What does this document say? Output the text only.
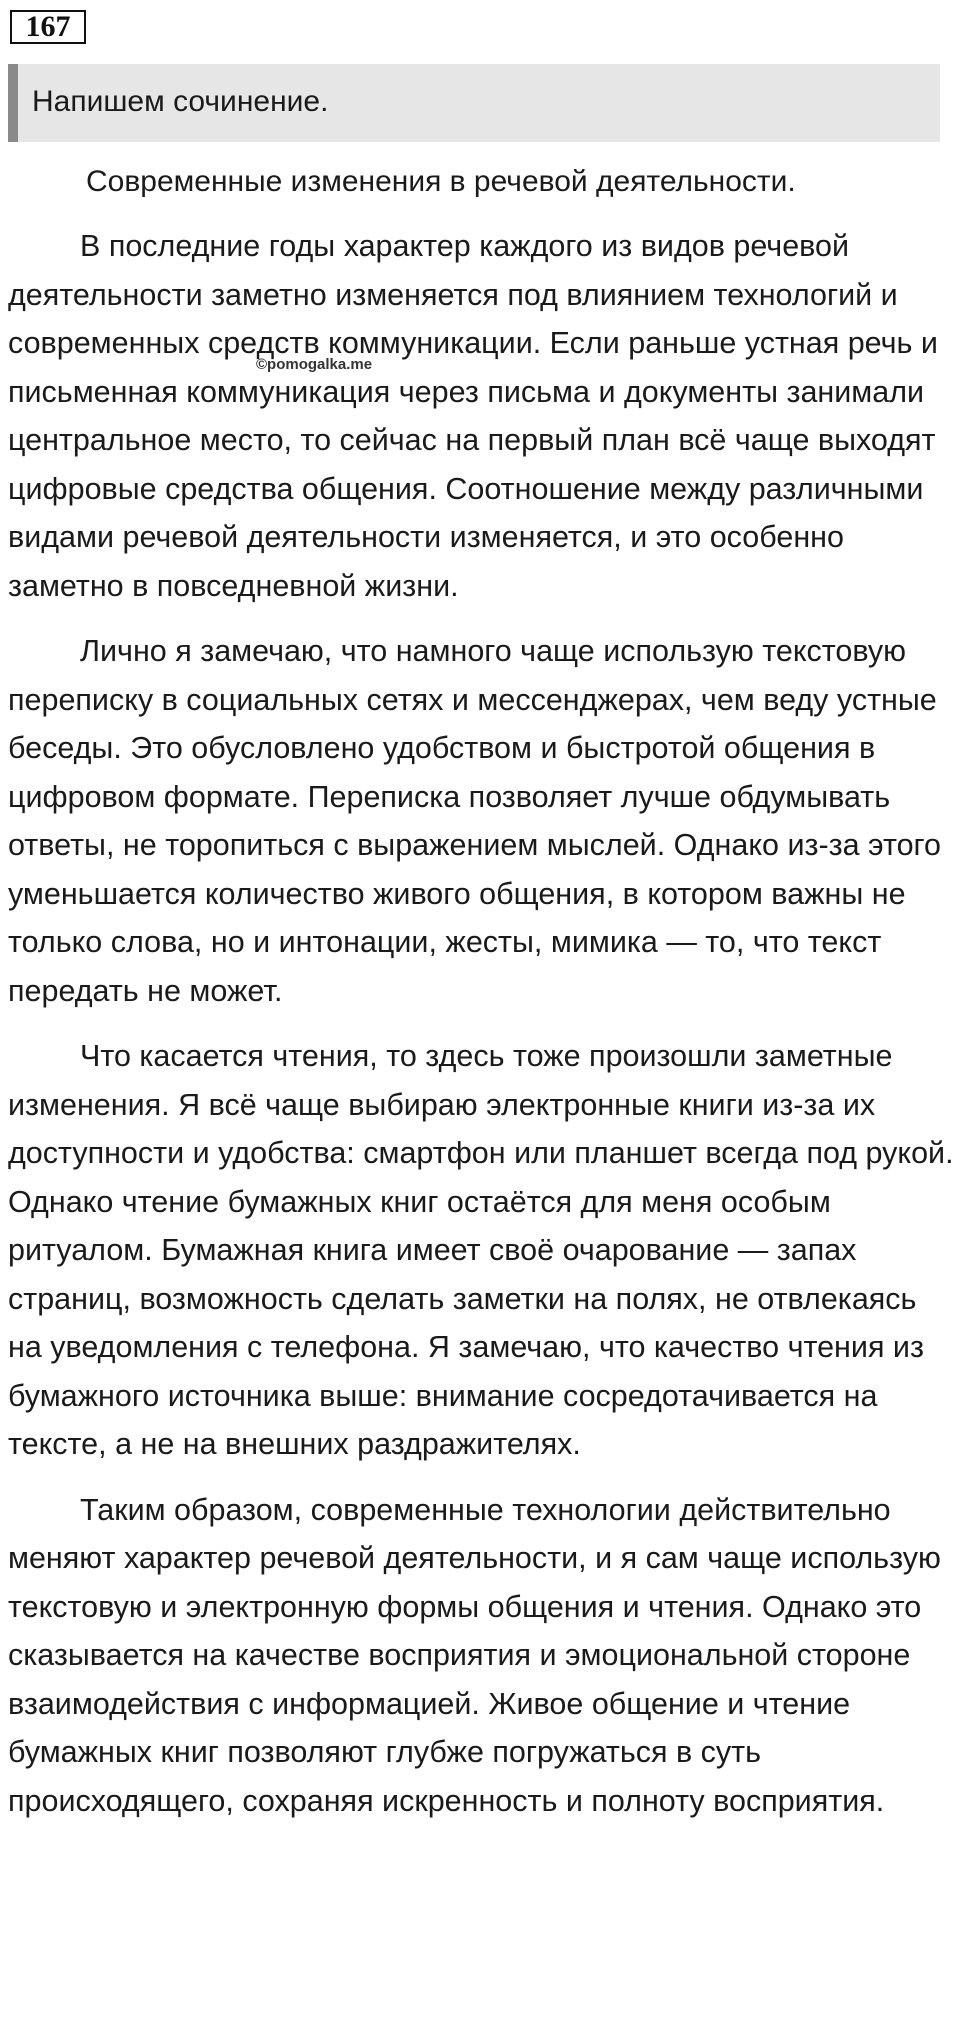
167
Напишем сочинение.
Современные изменения в речевой деятельности.

В последние годы характер каждого из видов речевой деятельности заметно изменяется под влиянием технологий и современных средств коммуникации. Если раньше устная речь и письменная коммуникация через письма и документы занимали центральное место, то сейчас на первый план всё чаще выходят цифровые средства общения. Соотношение между различными видами речевой деятельности изменяется, и это особенно заметно в повседневной жизни.

Лично я замечаю, что намного чаще использую текстовую переписку в социальных сетях и мессенджерах, чем веду устные беседы. Это обусловлено удобством и быстротой общения в цифровом формате. Переписка позволяет лучше обдумывать ответы, не торопиться с выражением мыслей. Однако из-за этого уменьшается количество живого общения, в котором важны не только слова, но и интонации, жесты, мимика — то, что текст передать не может.

Что касается чтения, то здесь тоже произошли заметные изменения. Я всё чаще выбираю электронные книги из-за их доступности и удобства: смартфон или планшет всегда под рукой. Однако чтение бумажных книг остаётся для меня особым ритуалом. Бумажная книга имеет своё очарование — запах страниц, возможность сделать заметки на полях, не отвлекаясь на уведомления с телефона. Я замечаю, что качество чтения из бумажного источника выше: внимание сосредотачивается на тексте, а не на внешних раздражителях.

Таким образом, современные технологии действительно меняют характер речевой деятельности, и я сам чаще использую текстовую и электронную формы общения и чтения. Однако это сказывается на качестве восприятия и эмоциональной стороне взаимодействия с информацией. Живое общение и чтение бумажных книг позволяют глубже погружаться в суть происходящего, сохраняя искренность и полноту восприятия.

©pomogalka.me
